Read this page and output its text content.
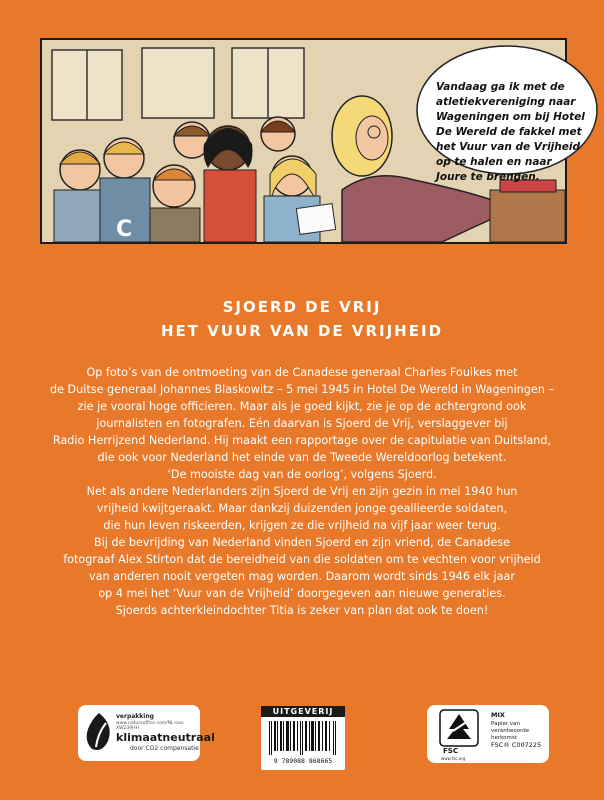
C
Vandaag ga ik met de atletiekvereniging naar Wageningen om bij Hotel De Wereld de fakkel met het Vuur van de Vrijheid op te halen en naar Joure te brengen.
SJOERD DE VRIJ
HET VUUR VAN DE VRIJHEID

Op foto’s van de ontmoeting van de Canadese generaal Charles Foulkes met

de Duitse generaal Johannes Blaskowitz – 5 mei 1945 in Hotel De Wereld in Wageningen –

zie je vooral hoge officieren. Maar als je goed kijkt, zie je op de achtergrond ook

journalisten en fotografen. Eén daarvan is Sjoerd de Vrij, verslaggever bij

Radio Herrijzend Nederland. Hij maakt een rapportage over de capitulatie van Duitsland,

die ook voor Nederland het einde van de Tweede Wereldoorlog betekent.

‘De mooiste dag van de oorlog’, volgens Sjoerd.

Net als andere Nederlanders zijn Sjoerd de Vrij en zijn gezin in mei 1940 hun

vrijheid kwijtgeraakt. Maar dankzij duizenden jonge geallieerde soldaten,

die hun leven riskeerden, krijgen ze die vrijheid na vijf jaar weer terug.

Bij de bevrijding van Nederland vinden Sjoerd en zijn vriend, de Canadese

fotograaf Alex Stirton dat de bereidheid van die soldaten om te vechten voor vrijheid

van anderen nooit vergeten mag worden. Daarom wordt sinds 1946 elk jaar

op 4 mei het ‘Vuur van de Vrijheid’ doorgegeven aan nieuwe generaties.

Sjoerds achterkleindochter Titia is zeker van plan dat ook te doen!

verpakking
www.natureoffice.com/NL-oos-XW239HH
klimaatneutraal
door CO2 compensatie
UITGEVERIJ
9 789088 868665
FSC
www.fsc.org
MIX
Papier van verantwoorde herkomst
FSC® C007225
